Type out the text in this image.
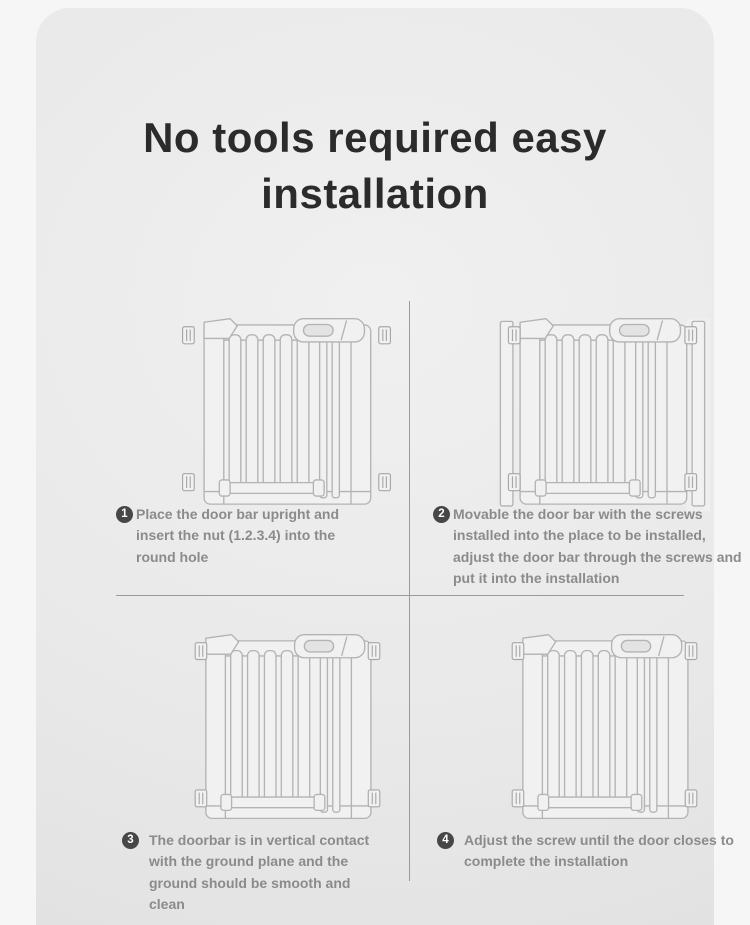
No tools required easy
installation
1 Place the door bar upright and insert the nut (1.2.3.4) into the round hole

2 Movable the door bar with the screws installed into the place to be installed, adjust the door bar through the screws and put it into the installation

3	The doorbar is in vertical contact with the ground plane and the ground should be smooth and clean

4	Adjust the screw until the door closes to complete the installation
